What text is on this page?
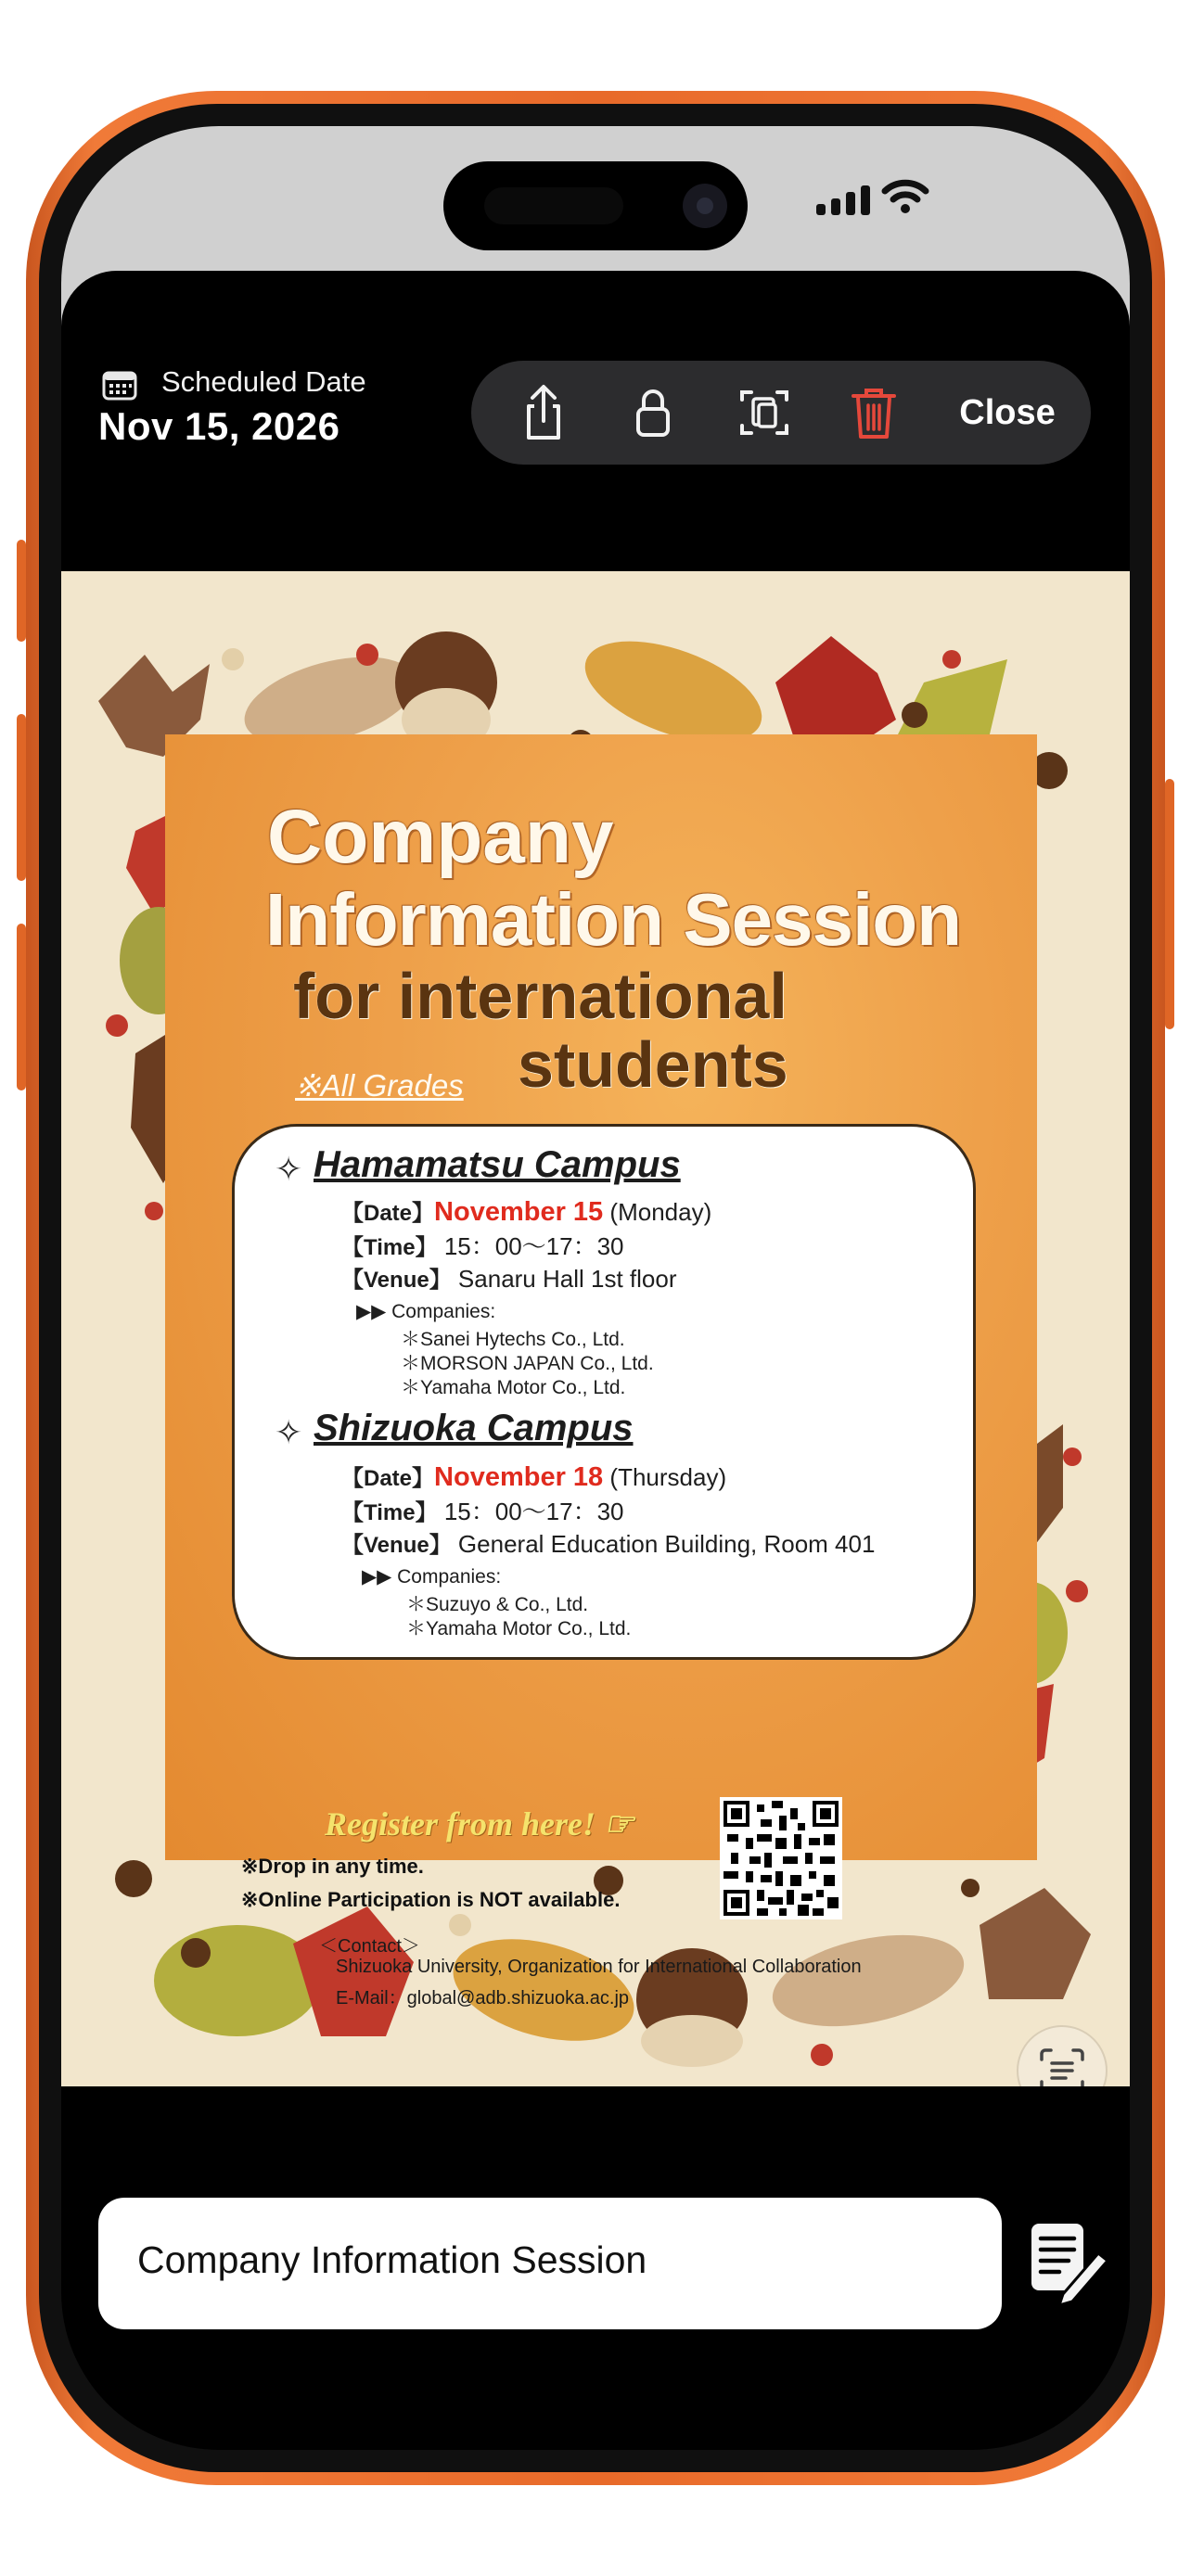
Scheduled Date
Nov 15, 2026	Close
Company
Information Session
for international
※All Grades students
✧ Hamamatsu Campus
【Date】November 15 (Monday)
【Time】 15：00〜17：30
【Venue】 Sanaru Hall 1st floor
▶▶ Companies:
＊Sanei Hytechs Co., Ltd.
＊MORSON JAPAN Co., Ltd.
＊Yamaha Motor Co., Ltd.
✧ Shizuoka Campus
【Date】November 18 (Thursday)
【Time】 15：00〜17：30
【Venue】 General Education Building, Room 401
▶▶ Companies:
＊Suzuyo & Co., Ltd.
＊Yamaha Motor Co., Ltd.
Register from here! ☞
※Drop in any time.
※Online Participation is NOT available.
＜Contact＞
Shizuoka University, Organization for International Collaboration
E-Mail：global@adb.shizuoka.ac.jp
Company Information Session
